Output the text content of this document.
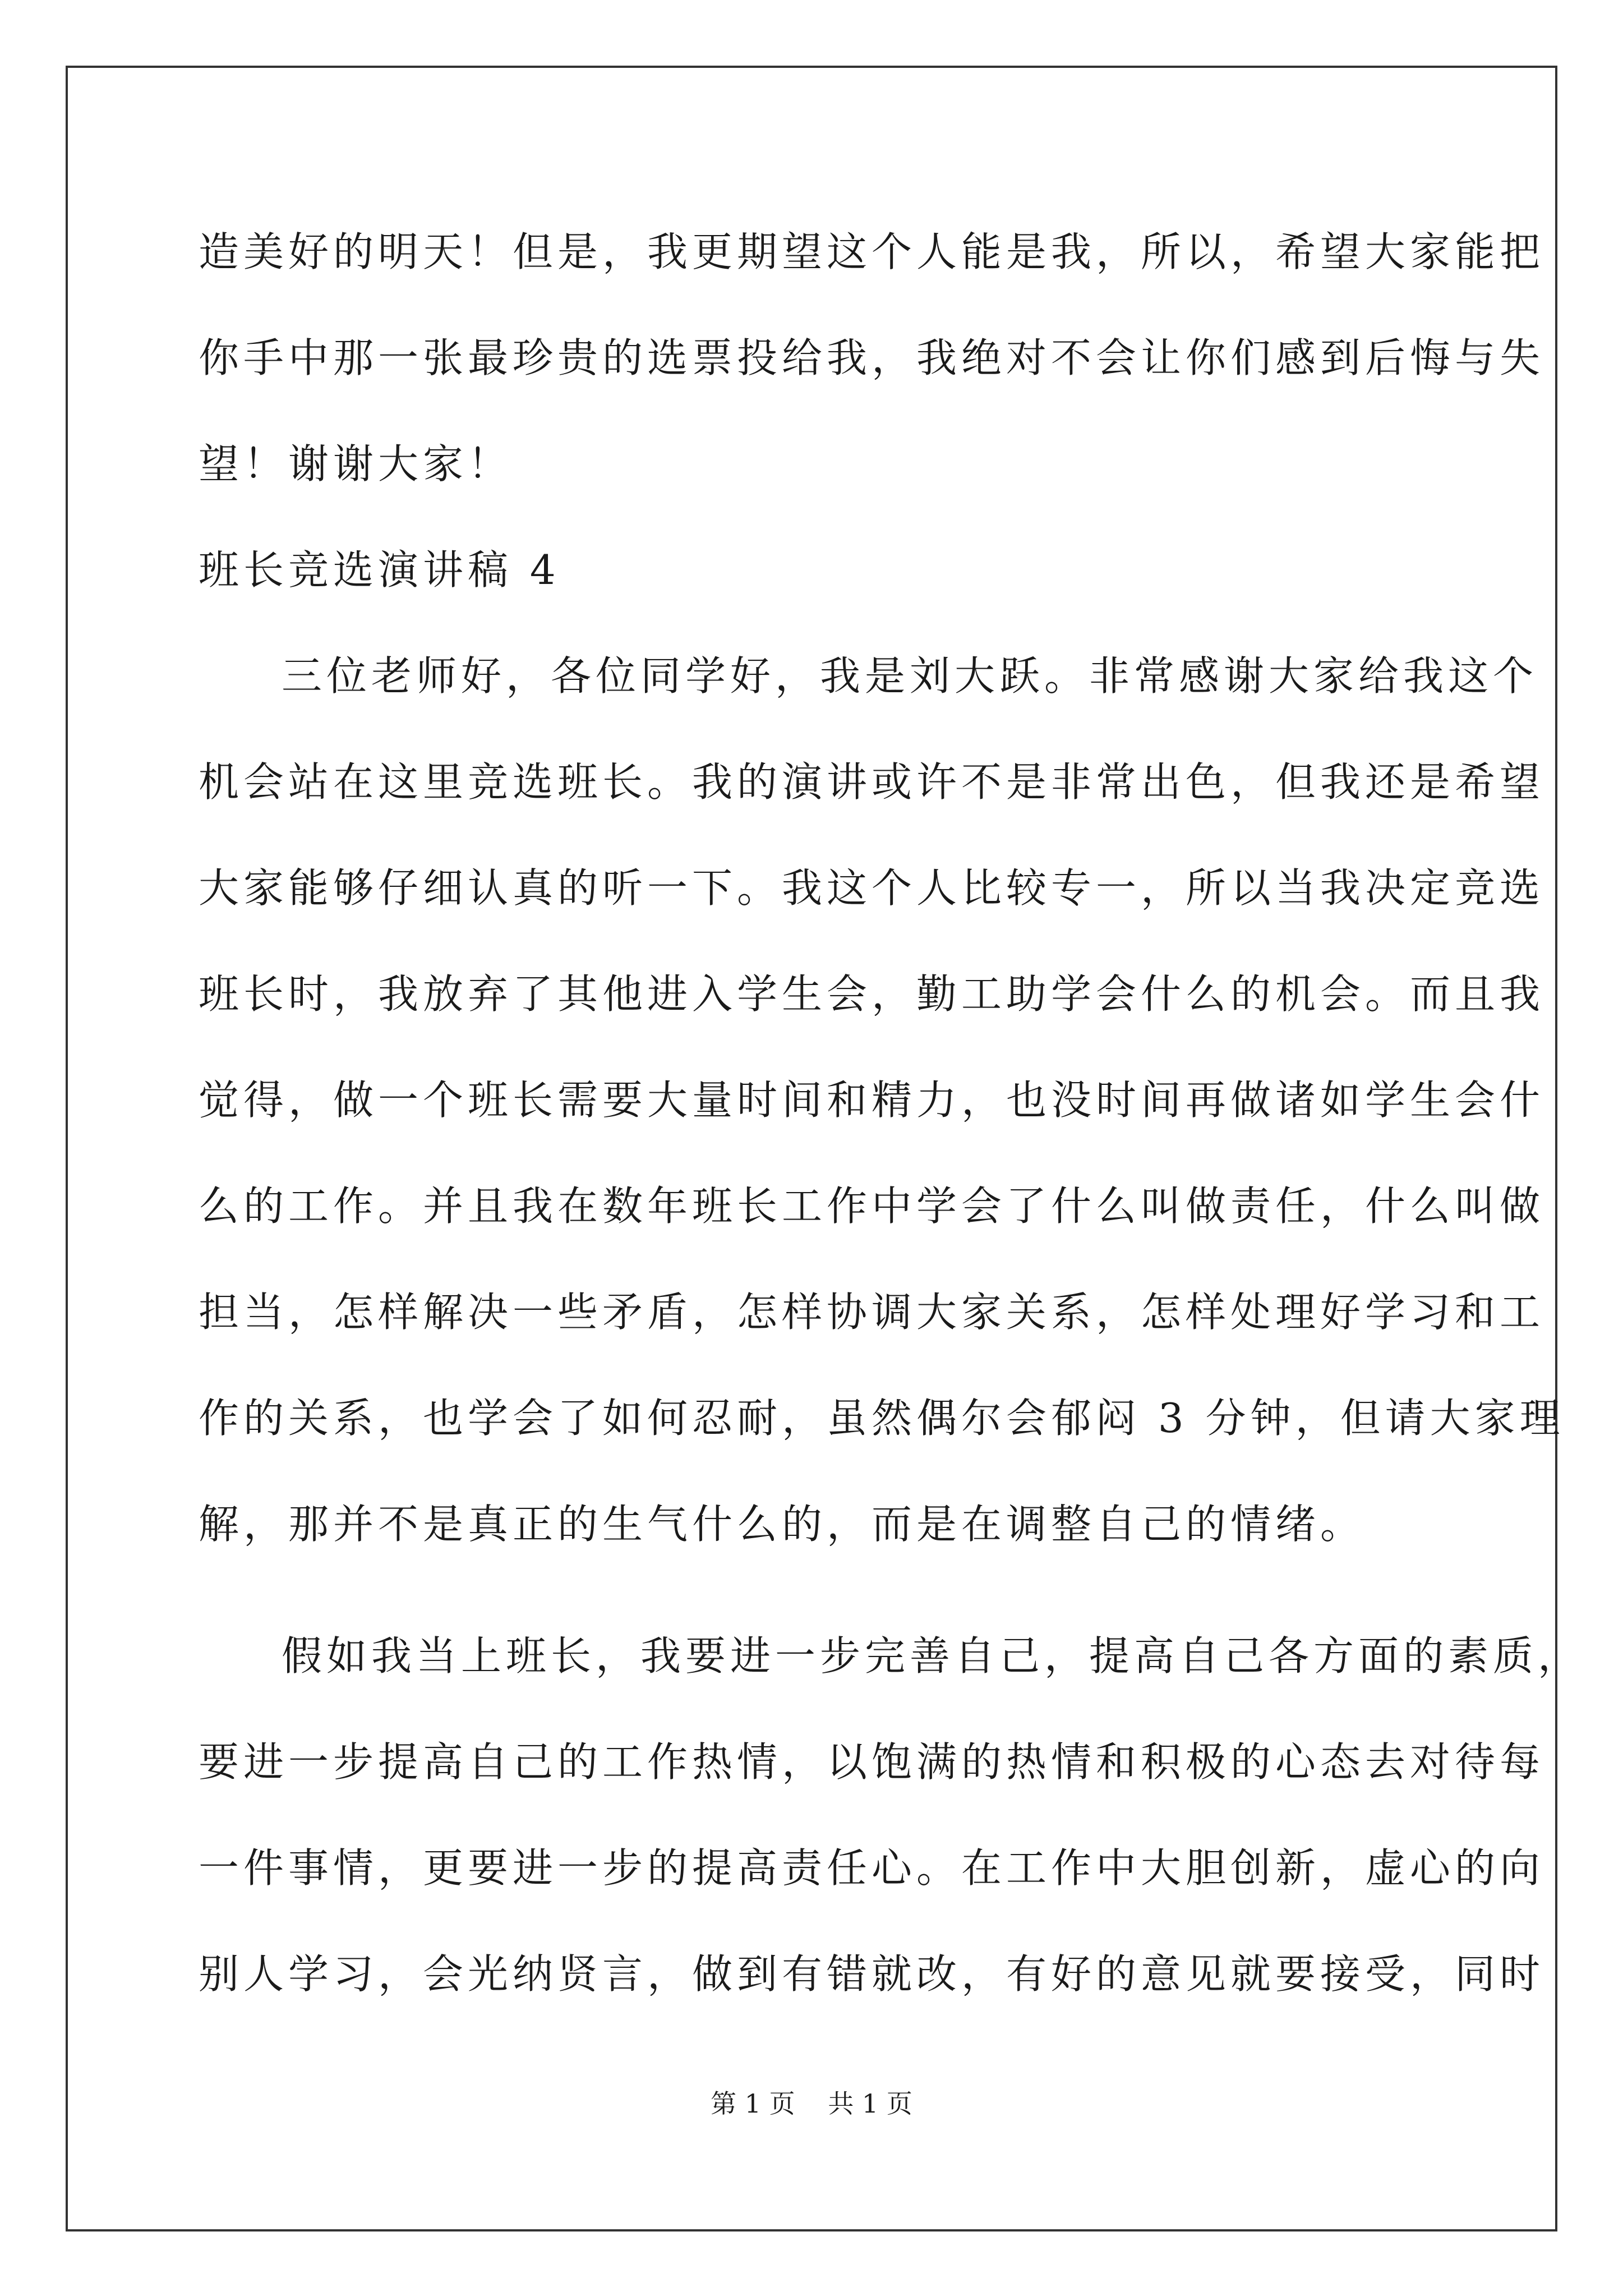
造美好的明天！但是，我更期望这个人能是我，所以，希望大家能把
你手中那一张最珍贵的选票投给我，我绝对不会让你们感到后悔与失
望！谢谢大家！
班长竞选演讲稿 4
三位老师好，各位同学好，我是刘大跃。非常感谢大家给我这个
机会站在这里竞选班长。我的演讲或许不是非常出色，但我还是希望
大家能够仔细认真的听一下。我这个人比较专一，所以当我决定竞选
班长时，我放弃了其他进入学生会，勤工助学会什么的机会。而且我
觉得，做一个班长需要大量时间和精力，也没时间再做诸如学生会什
么的工作。并且我在数年班长工作中学会了什么叫做责任，什么叫做
担当，怎样解决一些矛盾，怎样协调大家关系，怎样处理好学习和工
作的关系，也学会了如何忍耐，虽然偶尔会郁闷 3 分钟，但请大家理
解，那并不是真正的生气什么的，而是在调整自己的情绪。
假如我当上班长，我要进一步完善自己，提高自己各方面的素质，
要进一步提高自己的工作热情，以饱满的热情和积极的心态去对待每
一件事情，更要进一步的提高责任心。在工作中大胆创新，虚心的向
别人学习，会光纳贤言，做到有错就改，有好的意见就要接受，同时
第 1 页 共 1 页
